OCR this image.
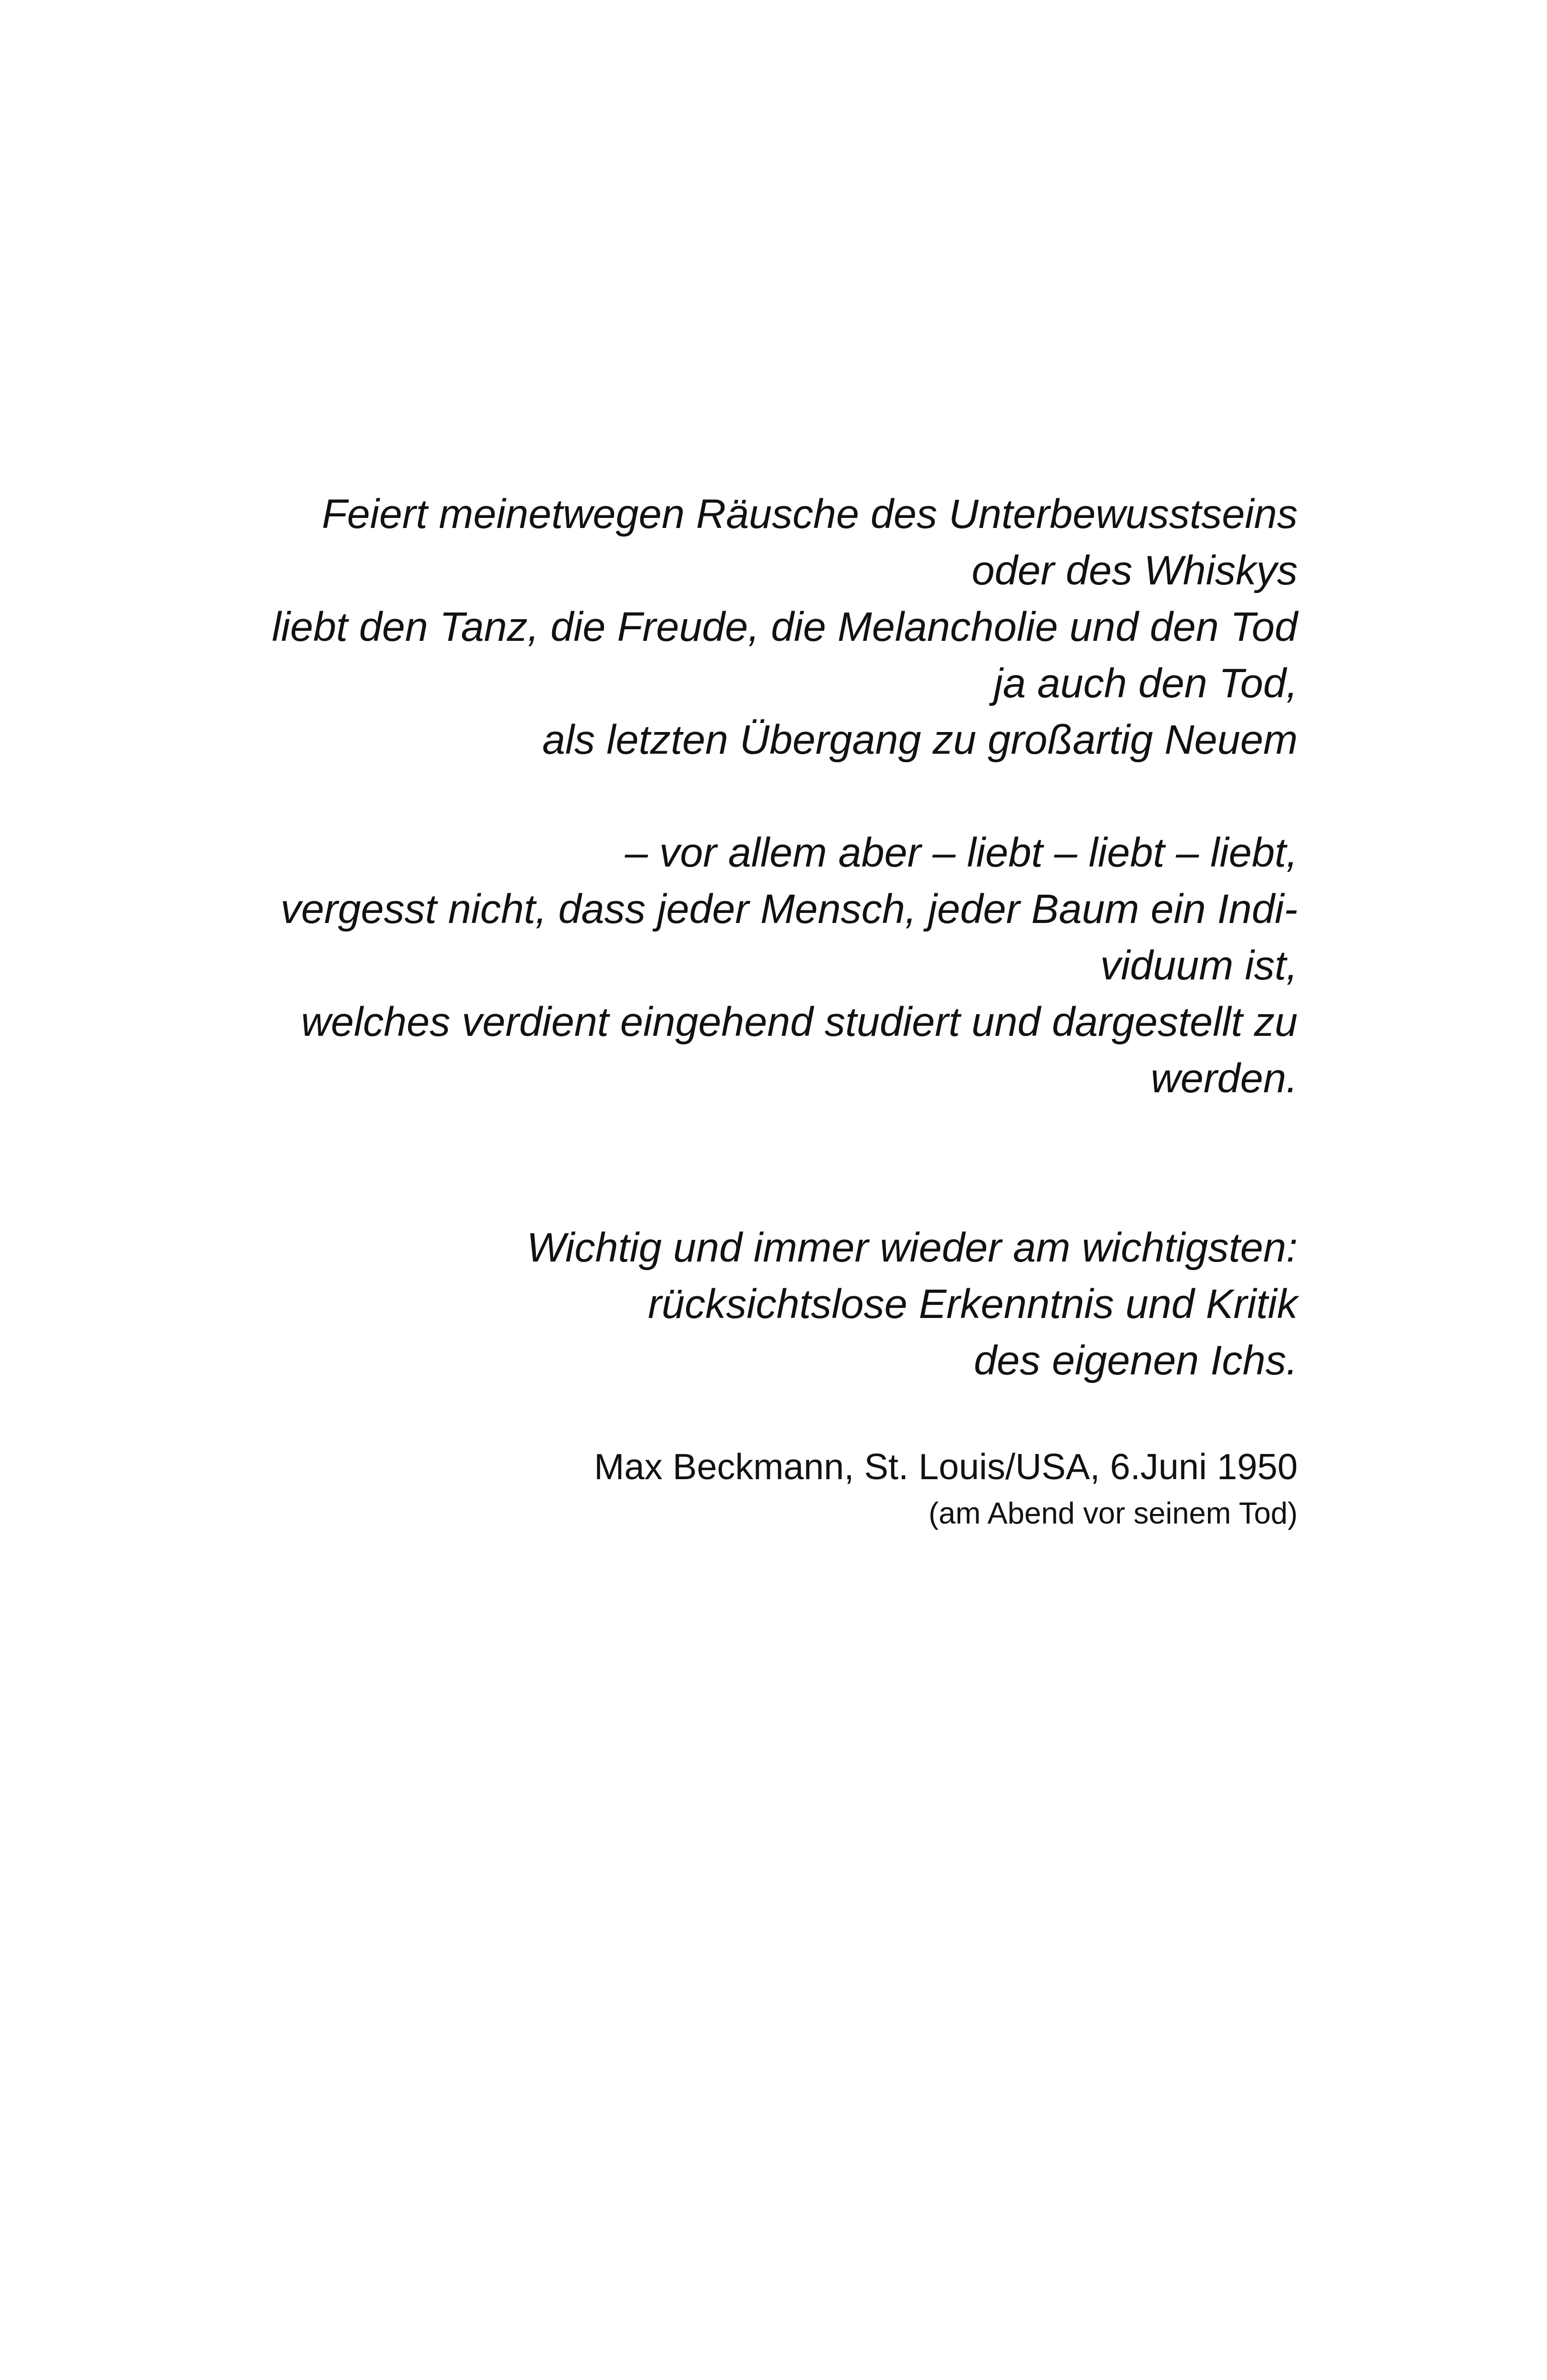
Feiert meinetwegen Räusche des Unterbewusstseins
oder des Whiskys
liebt den Tanz, die Freude, die Melancholie und den Tod
ja auch den Tod,
als letzten Übergang zu großartig Neuem
– vor allem aber – liebt – liebt – liebt,
vergesst nicht, dass jeder Mensch, jeder Baum ein Indi-
viduum ist,
welches verdient eingehend studiert und dargestellt zu
werden.
Wichtig und immer wieder am wichtigsten:
rücksichtslose Erkenntnis und Kritik
des eigenen Ichs.
Max Beckmann, St. Louis/USA, 6.Juni 1950
(am Abend vor seinem Tod)
